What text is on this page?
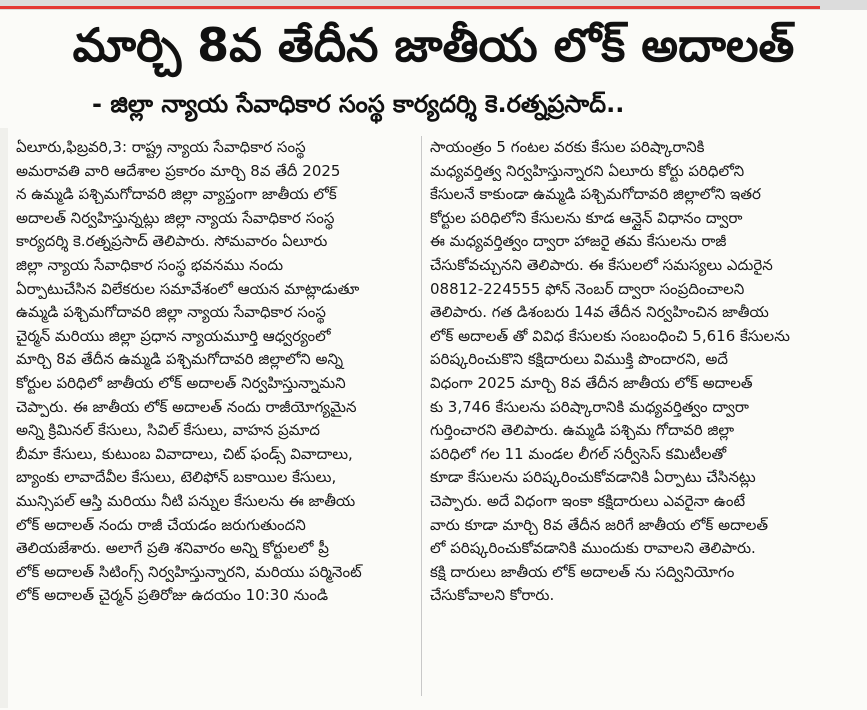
మార్చి 8వ తేదీన జాతీయ లోక్ అదాలత్
- జిల్లా న్యాయ సేవాధికార సంస్థ కార్యదర్శి కె.రత్నప్రసాద్..
ఏలూరు,ఫిబ్రవరి,3: రాష్ట్ర న్యాయ సేవాధికార సంస్థ
అమరావతి వారి ఆదేశాల ప్రకారం మార్చి 8వ తేదీ 2025
న ఉమ్మడి పశ్చిమగోదావరి జిల్లా వ్యాప్తంగా జాతీయ లోక్
అదాలత్ నిర్వహిస్తున్నట్లు జిల్లా న్యాయ సేవాధికార సంస్థ
కార్యదర్శి కె.రత్నప్రసాద్ తెలిపారు. సోమవారం ఏలూరు
జిల్లా న్యాయ సేవాధికార సంస్థ భవనము నందు
ఏర్పాటుచేసిన విలేకరుల సమావేశంలో ఆయన మాట్లాడుతూ
ఉమ్మడి పశ్చిమగోదావరి జిల్లా న్యాయ సేవాధికార సంస్థ
చైర్మన్ మరియు జిల్లా ప్రధాన న్యాయమూర్తి ఆధ్వర్యంలో
మార్చి 8వ తేదీన ఉమ్మడి పశ్చిమగోదావరి జిల్లాలోని అన్ని
కోర్టుల పరిధిలో జాతీయ లోక్ అదాలత్ నిర్వహిస్తున్నామని
చెప్పారు. ఈ జాతీయ లోక్ అదాలత్ నందు రాజీయోగ్యమైన
అన్ని క్రిమినల్ కేసులు, సివిల్ కేసులు, వాహన ప్రమాద
బీమా కేసులు, కుటుంబ వివాదాలు, చిట్ ఫండ్స్ వివాదాలు,
బ్యాంకు లావాదేవీల కేసులు, టెలిఫోన్ బకాయిల కేసులు,
మున్సిపల్ ఆస్తి మరియు నీటి పన్నుల కేసులను ఈ జాతీయ
లోక్ అదాలత్ నందు రాజీ చేయడం జరుగుతుందని
తెలియజేశారు. అలాగే ప్రతి శనివారం అన్ని కోర్టులలో ప్రీ
లోక్ అదాలత్ సిటింగ్స్ నిర్వహిస్తున్నారని, మరియు పర్మినెంట్
లోక్ అదాలత్ చైర్మన్ ప్రతిరోజు ఉదయం 10:30 నుండి
సాయంత్రం 5 గంటల వరకు కేసుల పరిష్కారానికి
మధ్యవర్తిత్వ నిర్వహిస్తున్నారని ఏలూరు కోర్టు పరిధిలోని
కేసులనే కాకుండా ఉమ్మడి పశ్చిమగోదావరి జిల్లాలోని ఇతర
కోర్టుల పరిధిలోని కేసులను కూడ ఆన్లైన్ విధానం ద్వారా
ఈ మధ్యవర్తిత్వం ద్వారా హాజరై తమ కేసులను రాజీ
చేసుకోవచ్చునని తెలిపారు. ఈ కేసులలో సమస్యలు ఎదురైన
08812-224555 ఫోన్ నెంబర్ ద్వారా సంప్రదించాలని
తెలిపారు. గత డిశంబరు 14వ తేదీన నిర్వహించిన జాతీయ
లోక్ అదాలత్ తో వివిధ కేసులకు సంబంధించి 5,616 కేసులను
పరిష్కరించుకొని కక్షిదారులు విముక్తి పొందారని, అదే
విధంగా 2025 మార్చి 8వ తేదీన జాతీయ లోక్ అదాలత్
కు 3,746 కేసులను పరిష్కారానికి మధ్యవర్తిత్వం ద్వారా
గుర్తించారని తెలిపారు. ఉమ్మడి పశ్చిమ గోదావరి జిల్లా
పరిధిలో గల 11 మండల లీగల్ సర్వీసెస్ కమిటీలతో
కూడా కేసులను పరిష్కరించుకోవడానికి ఏర్పాటు చేసినట్లు
చెప్పారు. అదే విధంగా ఇంకా కక్షిదారులు ఎవరైనా ఉంటే
వారు కూడా మార్చి 8వ తేదీన జరిగే జాతీయ లోక్ అదాలత్
లో పరిష్కరించుకోవడానికి ముందుకు రావాలని తెలిపారు.
కక్షి దారులు జాతీయ లోక్ అదాలత్ ను సద్వినియోగం
చేసుకోవాలని కోరారు.
